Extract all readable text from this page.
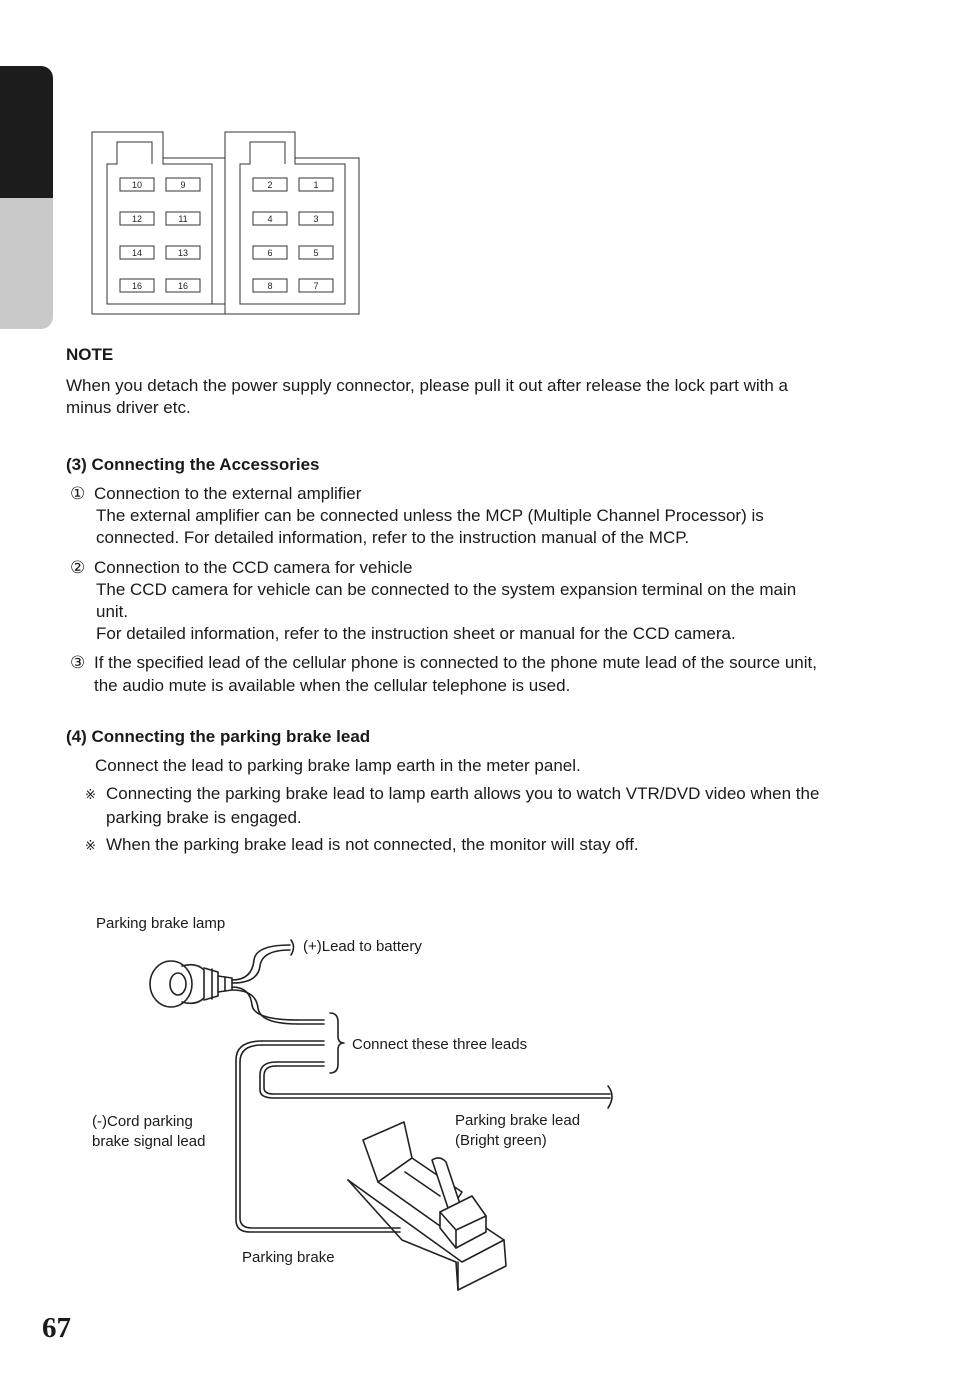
10	9
12	11
14	13
16	16
2	1
4	3
6	5
8	7
NOTE
When you detach the power supply connector, please pull it out after release the lock part with a
minus driver etc.
(3) Connecting the Accessories
① Connection to the external amplifier
The external amplifier can be connected unless the MCP (Multiple Channel Processor) is
connected. For detailed information, refer to the instruction manual of the MCP.
② Connection to the CCD camera for vehicle
The CCD camera for vehicle can be connected to the system expansion terminal on the main
unit.
For detailed information, refer to the instruction sheet or manual for the CCD camera.
③ If the specified lead of the cellular phone is connected to the phone mute lead of the source unit,
the audio mute is available when the cellular telephone is used.
(4) Connecting the parking brake lead
Connect the lead to parking brake lamp earth in the meter panel.
※ Connecting the parking brake lead to lamp earth allows you to watch VTR/DVD video when the
parking brake is engaged.
※ When the parking brake lead is not connected, the monitor will stay off.
Parking brake lamp
(+)Lead to battery
Connect these three leads
(-)Cord parking
brake signal lead
Parking brake lead
(Bright green)
Parking brake
67
